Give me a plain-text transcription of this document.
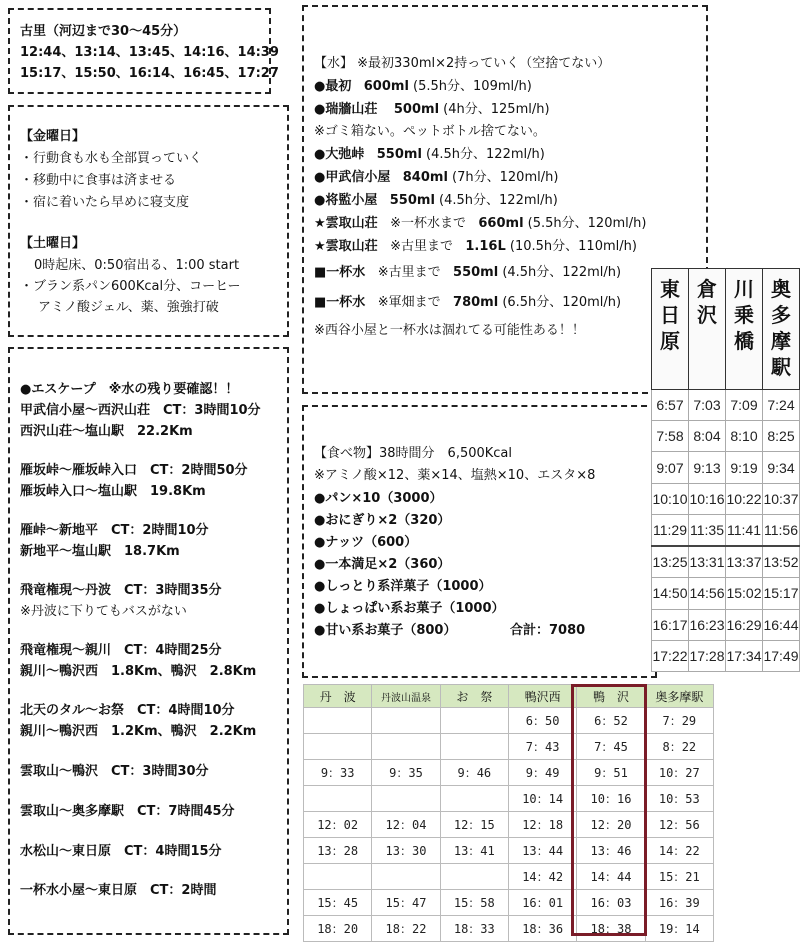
古里（河辺まで30〜45分）
12:44、13:14、13:45、14:16、14:39
15:17、15:50、16:14、16:45、17:27
【金曜日】
・行動食も水も全部買っていく
・移動中に食事は済ませる
・宿に着いたら早めに寝支度
【土曜日】
0時起床、0:50宿出る、1:00 start
・ブラン系パン600Kcal分、コーヒー
アミノ酸ジェル、薬、強強打破
●エスケープ　※水の残り要確認！！
甲武信小屋〜西沢山荘　CT：3時間10分
西沢山荘〜塩山駅　22.2Km
雁坂峠〜雁坂峠入口　CT：2時間50分
雁坂峠入口〜塩山駅　19.8Km
雁峠〜新地平　CT：2時間10分
新地平〜塩山駅　18.7Km
飛竜権現〜丹波　CT：3時間35分
※丹波に下りてもバスがない
飛竜権現〜親川　CT：4時間25分
親川〜鴨沢西　1.8Km、鴨沢　2.8Km
北天のタル〜お祭　CT：4時間10分
親川〜鴨沢西　1.2Km、鴨沢　2.2Km
雲取山〜鴨沢　CT：3時間30分
雲取山〜奥多摩駅　CT：7時間45分
水松山〜東日原　CT：4時間15分
一杯水小屋〜東日原　CT：2時間
【水】 ※最初330ml×2持っていく（空捨てない）
●最初 600ml (5.5h分、109ml/h)
●瑞牆山荘 500ml (4h分、125ml/h)
※ゴミ箱ない。ペットボトル捨てない。
●大弛峠 550ml (4.5h分、122ml/h)
●甲武信小屋 840ml (7h分、120ml/h)
●将監小屋 550ml (4.5h分、122ml/h)
★雲取山荘 ※一杯水まで 660ml (5.5h分、120ml/h)
★雲取山荘 ※古里まで 1.16L (10.5h分、110ml/h)
■一杯水 ※古里まで 550ml (4.5h分、122ml/h)
■一杯水 ※軍畑まで 780ml (6.5h分、120ml/h)
※西谷小屋と一杯水は涸れてる可能性ある！！
【食べ物】38時間分　6,500Kcal
※アミノ酸×12、薬×14、塩熱×10、エスタ×8
●パン×10（3000）
●おにぎり×2（320）
●ナッツ（600）
●一本満足×2（360）
●しっとり系洋菓子（1000）
●しょっぱい系お菓子（1000）
●甘い系お菓子（800）	合計：7080
東
日
原	倉
沢	川
乗
橋	奥
多
摩
駅

6:57	7:03	7:09	7:24
7:58	8:04	8:10	8:25
9:07	9:13	9:19	9:34
10:10	10:16	10:22	10:37
11:29	11:35	11:41	11:56
13:25	13:31	13:37	13:52
14:50	14:56	15:02	15:17
16:17	16:23	16:29	16:44
17:22	17:28	17:34	17:49
丹　波	丹波山温泉	お　祭	鴨沢西	鴨　沢	奥多摩駅
			6：50	6：52	7：29
			7：43	7：45	8：22
9：33	9：35	9：46	9：49	9：51	10：27
			10：14	10：16	10：53
12：02	12：04	12：15	12：18	12：20	12：56
13：28	13：30	13：41	13：44	13：46	14：22
			14：42	14：44	15：21
15：45	15：47	15：58	16：01	16：03	16：39
18：20	18：22	18：33	18：36	18：38	19：14
